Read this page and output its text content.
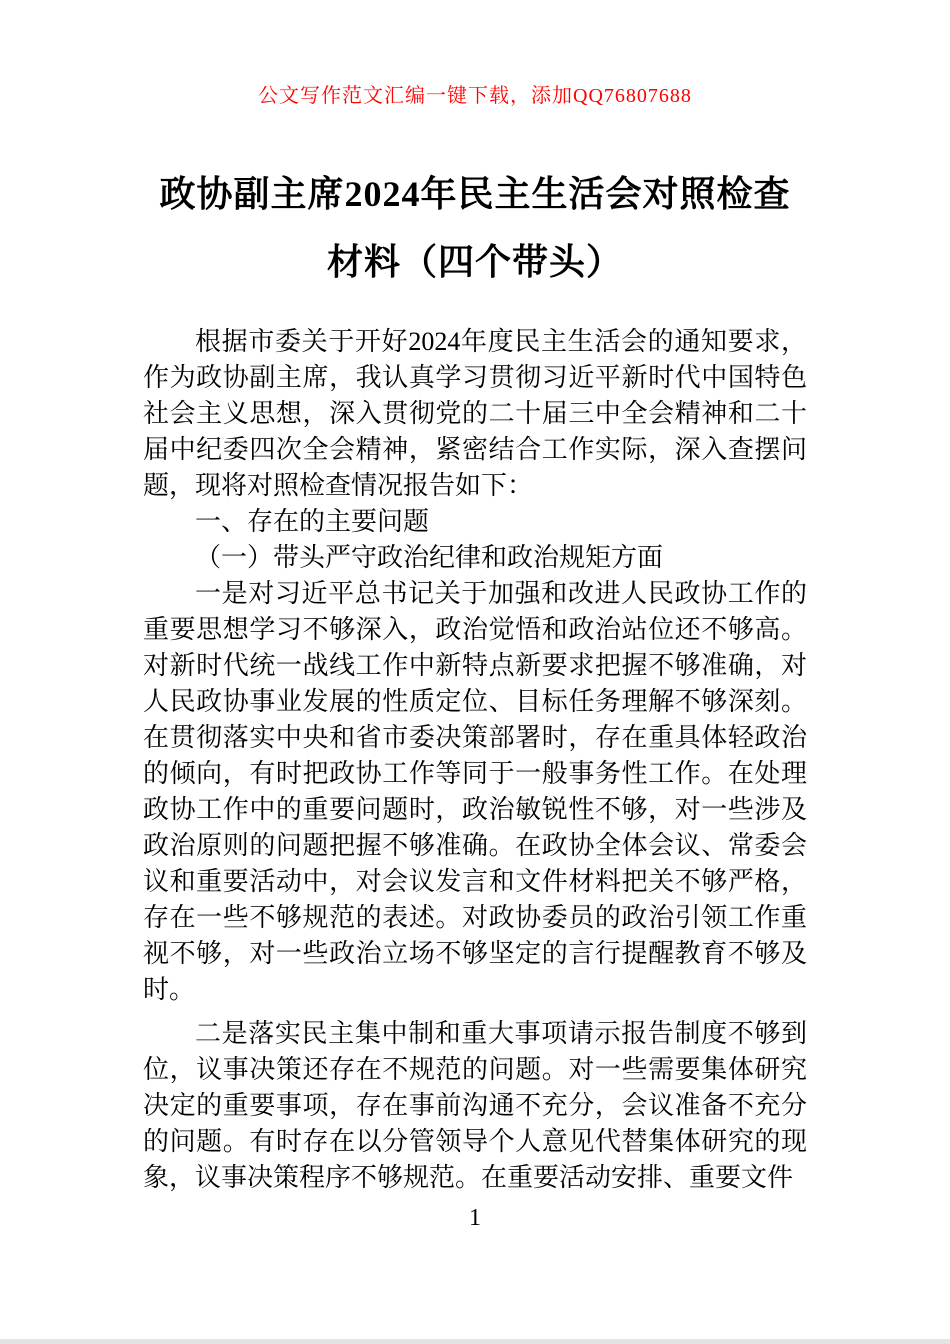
公文写作范文汇编一键下载，添加QQ76807688
政协副主席2024年民主生活会对照检查材料（四个带头）

根据市委关于开好2024年度民主生活会的通知要求，作为政协副主席，我认真学习贯彻习近平新时代中国特色社会主义思想，深入贯彻党的二十届三中全会精神和二十届中纪委四次全会精神，紧密结合工作实际，深入查摆问题，现将对照检查情况报告如下：

一、存在的主要问题

（一）带头严守政治纪律和政治规矩方面

一是对习近平总书记关于加强和改进人民政协工作的重要思想学习不够深入，政治觉悟和政治站位还不够高。对新时代统一战线工作中新特点新要求把握不够准确，对人民政协事业发展的性质定位、目标任务理解不够深刻。在贯彻落实中央和省市委决策部署时，存在重具体轻政治的倾向，有时把政协工作等同于一般事务性工作。在处理政协工作中的重要问题时，政治敏锐性不够，对一些涉及政治原则的问题把握不够准确。在政协全体会议、常委会议和重要活动中，对会议发言和文件材料把关不够严格，存在一些不够规范的表述。对政协委员的政治引领工作重视不够，对一些政治立场不够坚定的言行提醒教育不够及时。

二是落实民主集中制和重大事项请示报告制度不够到位，议事决策还存在不规范的问题。对一些需要集体研究决定的重要事项，存在事前沟通不充分，会议准备不充分的问题。有时存在以分管领导个人意见代替集体研究的现象，议事决策程序不够规范。在重要活动安排、重要文件

1
